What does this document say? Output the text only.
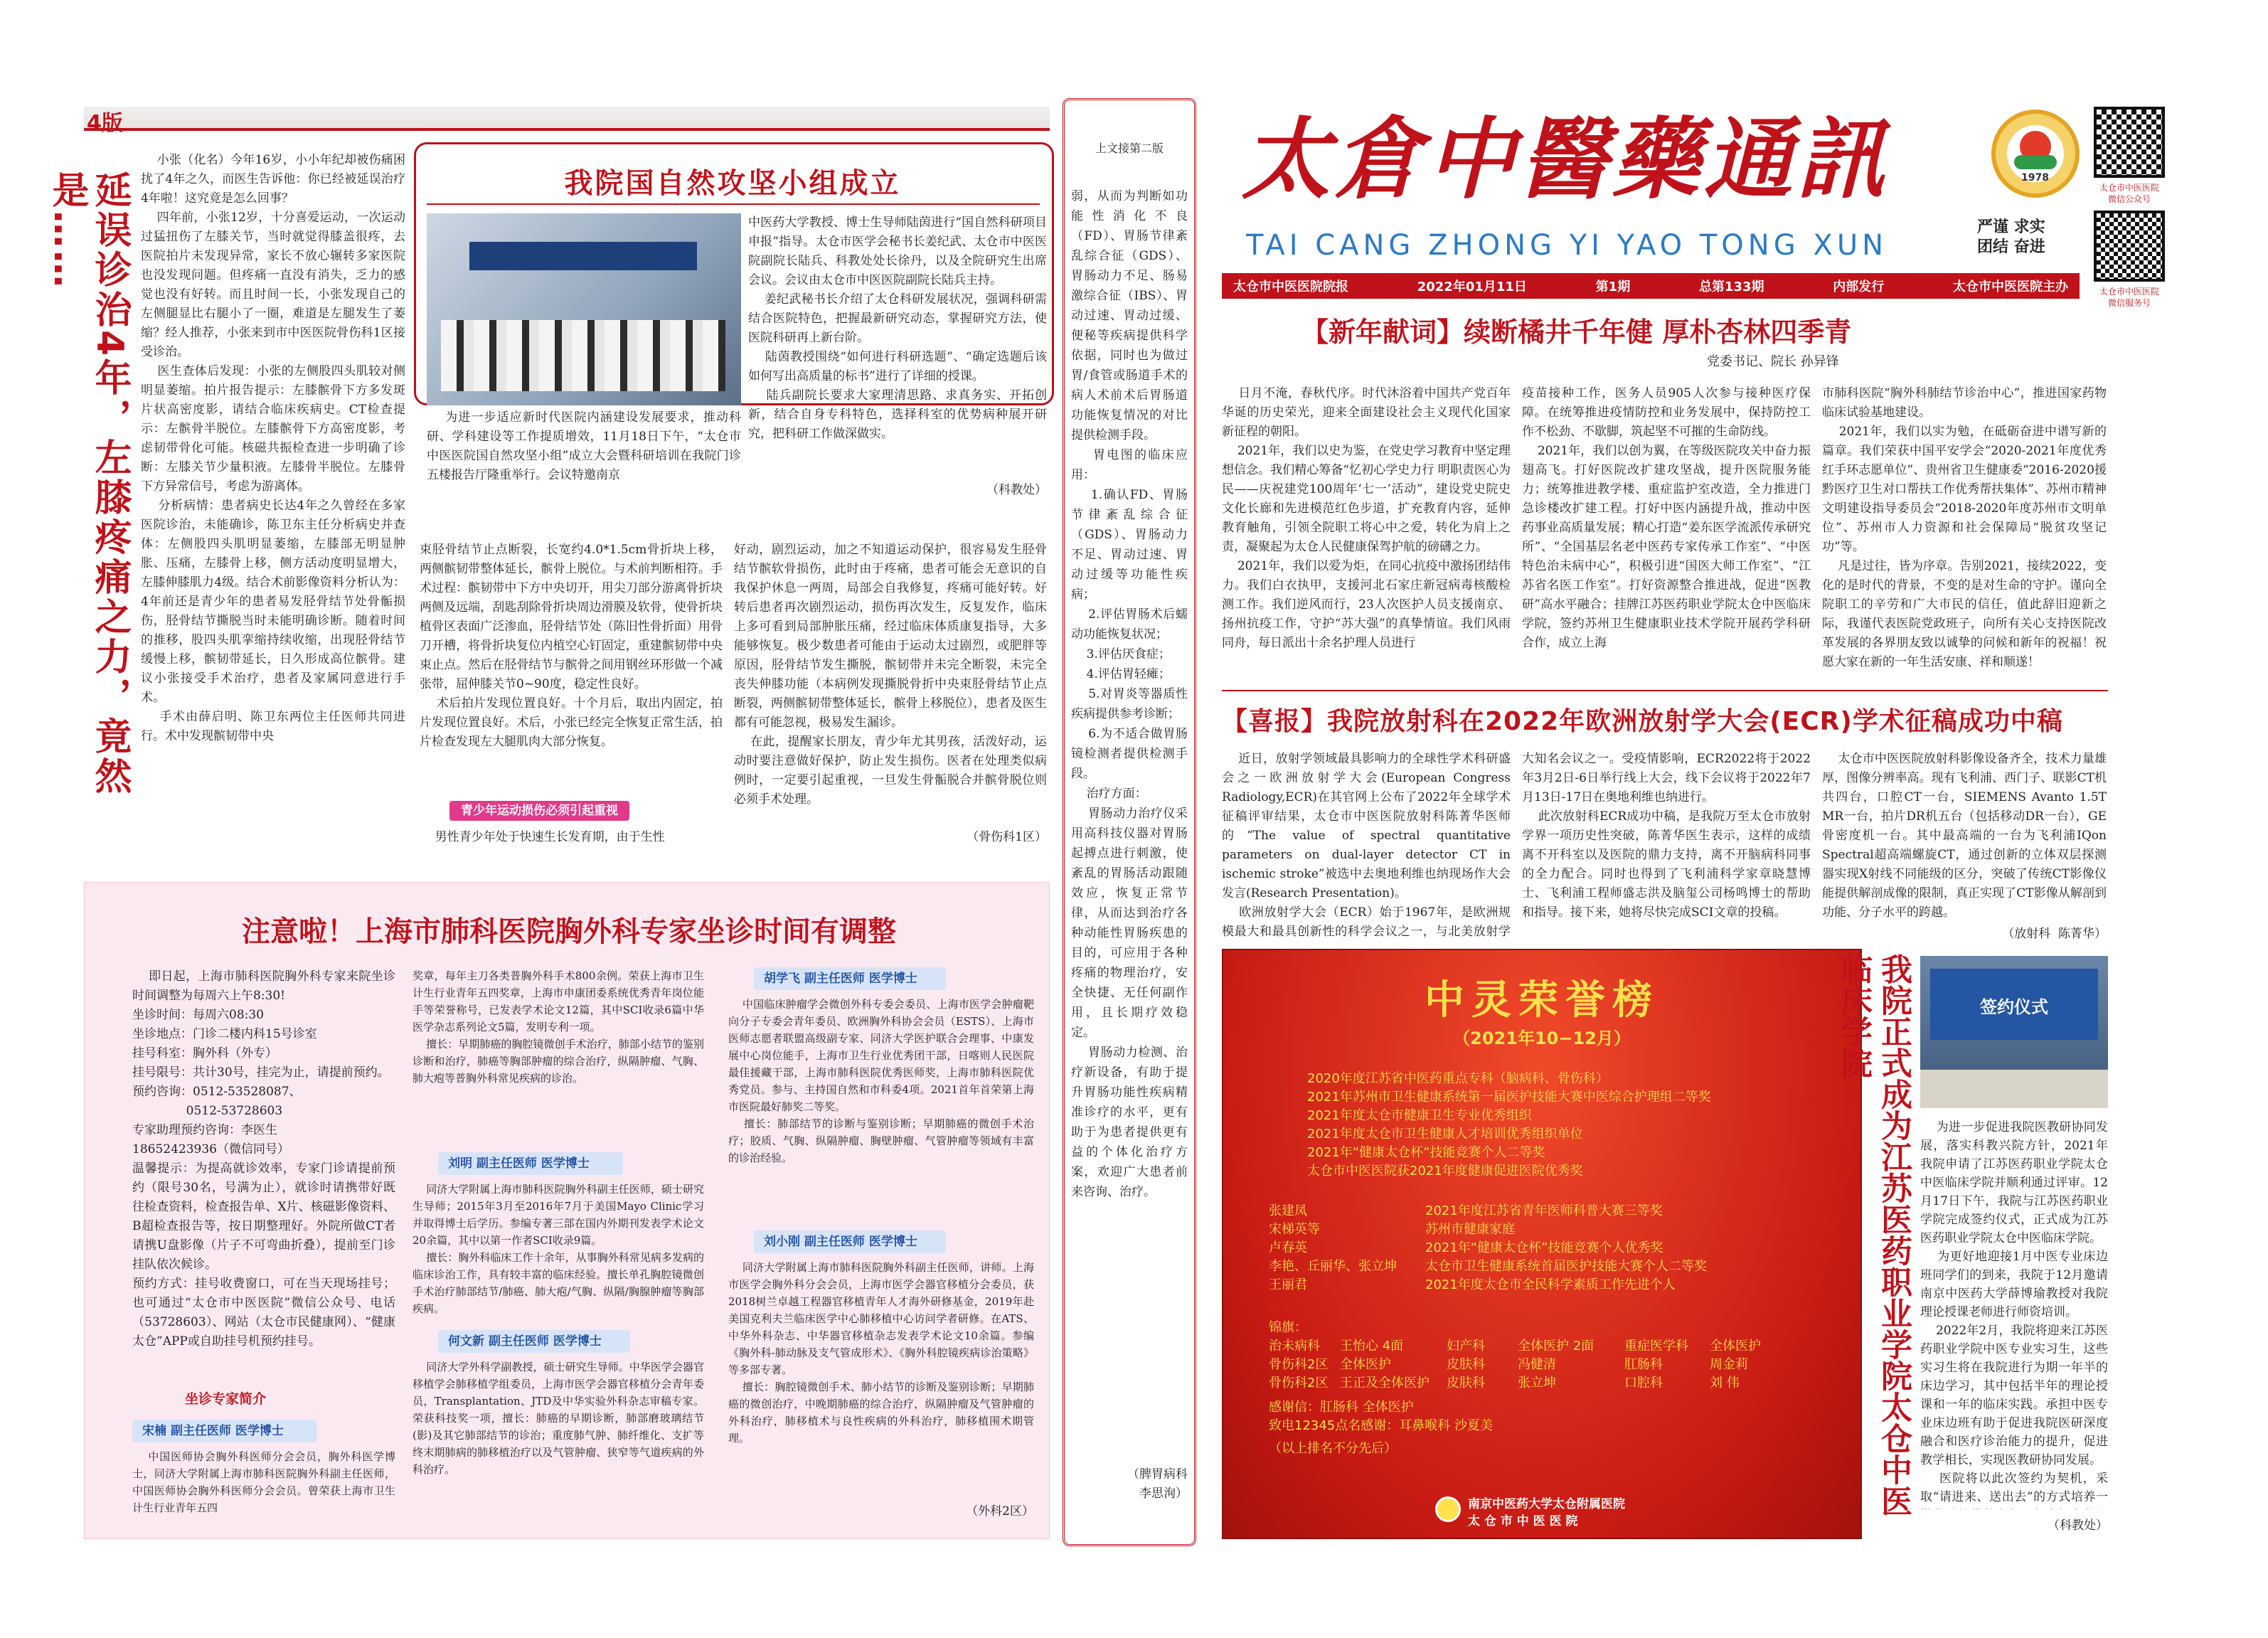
4版
延误诊治4年，左膝疼痛之力，竟然是……
小张（化名）今年16岁，小小年纪却被伤痛困扰了4年之久，而医生告诉他：你已经被延误治疗4年啦！这究竟是怎么回事？
四年前，小张12岁，十分喜爱运动，一次运动过猛扭伤了左膝关节，当时就觉得膝盖很疼，去医院拍片未发现异常，家长不放心辗转多家医院也没发现问题。但疼痛一直没有消失，乏力的感觉也没有好转。而且时间一长，小张发现自己的左侧腿显比右腿小了一圈，难道是左腿发生了萎缩？经人推荐，小张来到市中医医院骨伤科1区接受诊治。
医生查体后发现：小张的左侧股四头肌较对侧明显萎缩。拍片报告提示：左膝髌骨下方多发斑片状高密度影，请结合临床疾病史。CT检查提示：左髌骨半脱位。左膝髌骨下方高密度影，考虑韧带骨化可能。核磁共振检查进一步明确了诊断：左膝关节少量积液。左膝骨半脱位。左膝骨下方异常信号，考虑为游离体。
分析病情：患者病史长达4年之久曾经在多家医院诊治，未能确诊，陈卫东主任分析病史并查体：左侧股四头肌明显萎缩，左膝部无明显肿胀、压痛，左膝骨上移，侧方活动度明显增大，左膝伸膝肌力4级。结合术前影像资料分析认为：4年前还是青少年的患者易发胫骨结节处骨骺损伤，胫骨结节撕脱当时未能明确诊断。随着时间的推移，股四头肌挛缩持续收缩，出现胫骨结节缓慢上移，髌韧带延长，日久形成高位髌骨。建议小张接受手术治疗，患者及家属同意进行手术。
手术由薛启明、陈卫东两位主任医师共同进行。术中发现髌韧带中央
我院国自然攻坚小组成立
为进一步适应新时代医院内涵建设发展要求，推动科研、学科建设等工作提质增效，11月18日下午，“太仓市中医医院国自然攻坚小组”成立大会暨科研培训在我院门诊五楼报告厅隆重举行。会议特邀南京
中医药大学教授、博士生导师陆茵进行“国自然科研项目申报”指导。太仓市医学会秘书长姜纪武、太仓市中医医院副院长陆兵、科教处处长徐丹，以及全院研究生出席会议。会议由太仓市中医医院副院长陆兵主持。
姜纪武秘书长介绍了太仓科研发展状况，强调科研需结合医院特色，把握最新研究动态，掌握研究方法，使医院科研再上新台阶。
陆茵教授围绕“如何进行科研选题”、“确定选题后该如何写出高质量的标书”进行了详细的授课。
陆兵副院长要求大家理清思路、求真务实、开拓创新，结合自身专科特色，选择科室的优势病种展开研究，把科研工作做深做实。
（科教处）
束胫骨结节止点断裂，长宽约4.0*1.5cm骨折块上移，两侧髌韧带整体延长，髌骨上脱位。与术前判断相符。手术过程：髌韧带中下方中央切开，用尖刀部分游离骨折块两侧及远端，刮匙刮除骨折块周边滑膜及软骨，使骨折块植骨区表面广泛渗血，胫骨结节处（陈旧性骨折面）用骨刀开槽，将骨折块复位内植空心钉固定，重建髌韧带中央束止点。然后在胫骨结节与髌骨之间用钢丝环形做一个减张带，屈伸膝关节0~90度，稳定性良好。
术后拍片发现位置良好。十个月后，取出内固定，拍片发现位置良好。术后，小张已经完全恢复正常生活，拍片检查发现左大腿肌肉大部分恢复。
青少年运动损伤必须引起重视
男性青少年处于快速生长发育期，由于生性
好动，剧烈运动，加之不知道运动保护，很容易发生胫骨结节髌软骨损伤，此时由于疼痛，患者可能会无意识的自我保护休息一两周，局部会自我修复，疼痛可能好转。好转后患者再次剧烈运动，损伤再次发生，反复发作，临床上多可看到局部肿胀压痛，经过临床体质康复指导，大多能够恢复。极少数患者可能由于运动太过剧烈，或肥胖等原因，胫骨结节发生撕脱，髌韧带并未完全断裂，未完全丧失伸膝功能（本病例发现撕脱骨折中央束胫骨结节止点断裂，两侧髌韧带整体延长，髌骨上移脱位），患者及医生都有可能忽视，极易发生漏诊。
在此，提醒家长朋友，青少年尤其男孩，活泼好动，运动时要注意做好保护，防止发生损伤。医者在处理类似病例时，一定要引起重视，一旦发生骨骺脱合并髌骨脱位则必须手术处理。
（骨伤科1区）
注意啦！上海市肺科医院胸外科专家坐诊时间有调整
即日起，上海市肺科医院胸外科专家来院坐诊时间调整为每周六上午8:30!
坐诊时间：每周六08:30
坐诊地点：门诊二楼内科15号诊室
挂号科室：胸外科（外专）
挂号限号：共计30号，挂完为止，请提前预约。
预约咨询：0512-53528087、
0512-53728603
专家助理预约咨询：李医生
18652423936（微信同号）
温馨提示：为提高就诊效率，专家门诊请提前预约（限号30名，号满为止），就诊时请携带好既往检查资料，检查报告单、X片、核磁影像资料、B超检查报告等，按日期整理好。外院所做CT者请携U盘影像（片子不可弯曲折叠），提前至门诊挂队依次候诊。
预约方式：挂号收费窗口，可在当天现场挂号；也可通过“太仓市中医医院”微信公众号、电话（53728603）、网站（太仓市民健康网）、“健康太仓”APP或自助挂号机预约挂号。
坐诊专家简介
宋楠 副主任医师 医学博士
中国医师协会胸外科医师分会会员，胸外科医学博士，同济大学附属上海市肺科医院胸外科副主任医师，中国医师协会胸外科医师分会会员。曾荣获上海市卫生计生行业青年五四
奖章，每年主刀各类普胸外科手术800余例。荣获上海市卫生计生行业青年五四奖章，上海市申康团委系统优秀青年岗位能手等荣誉称号，已发表学术论文12篇，其中SCI收录6篇中华医学杂志系列论文5篇，发明专利一项。
擅长：早期肺癌的胸腔镜微创手术治疗，肺部小结节的鉴别诊断和治疗，肺癌等胸部肿瘤的综合治疗，纵隔肿瘤、气胸、肺大疱等普胸外科常见疾病的诊治。
刘明 副主任医师 医学博士
同济大学附属上海市肺科医院胸外科副主任医师，硕士研究生导师；2015年3月至2016年7月于美国Mayo Clinic学习并取得博士后学历。参编专著三部在国内外期刊发表学术论文20余篇，其中以第一作者SCI收录9篇。
擅长：胸外科临床工作十余年，从事胸外科常见病多发病的临床诊治工作，具有较丰富的临床经验。擅长单孔胸腔镜微创手术治疗肺部结节/肺癌、肺大疱/气胸、纵隔/胸腺肿瘤等胸部疾病。
何文新 副主任医师 医学博士
同济大学外科学副教授，硕士研究生导师。中华医学会器官移植学会肺移植学组委员，上海市医学会器官移植分会青年委员，Transplantation、JTD及中华实验外科杂志审稿专家。荣获科技奖一项，擅长：肺癌的早期诊断，肺部磨玻璃结节(影)及其它肺部结节的诊治；重度肺气肿、肺纤维化、支扩等终末期肺病的肺移植治疗以及气管肿瘤、狭窄等气道疾病的外科治疗。
胡学飞 副主任医师 医学博士
中国临床肿瘤学会微创外科专委会委员、上海市医学会肿瘤靶向分子专委会青年委员、欧洲胸外科协会会员（ESTS）、上海市医师志愿者联盟高级副专家、同济大学医护联合会理事、中康发展中心岗位能手，上海市卫生行业优秀团干部，日喀则人民医院最佳援藏干部，上海市肺科医院优秀医师奖，上海市肺科医院优秀党员。参与、主持国自然和市科委4项。2021首年首荣第上海市医院最好肺奖二等奖。
擅长：肺部结节的诊断与鉴别诊断；早期肺癌的微创手术治疗；胶质、气胸、纵隔肿瘤、胸壁肿瘤、气管肿瘤等领域有丰富的诊治经验。
刘小刚 副主任医师 医学博士
同济大学附属上海市肺科医院胸外科副主任医师，讲师。上海市医学会胸外科分会会员，上海市医学会器官移植分会委员，获2018树兰卓越工程器官移植青年人才海外研修基金，2019年赴美国克利夫兰临床医学中心肺移植中心访问学者研修。在ATS、中华外科杂志、中华器官移植杂志发表学术论文10余篇。参编《胸外科-肺动脉及支气管成形术》、《胸外科腔镜疾病诊治策略》等多部专著。
擅长：胸腔镜微创手术、肺小结节的诊断及鉴别诊断；早期肺癌的微创治疗，中晚期肺癌的综合治疗，纵隔肿瘤及气管肿瘤的外科治疗，肺移植术与良性疾病的外科治疗，肺移植围术期管理。
（外科2区）
上文接第二版
弱，从而为判断如功能性消化不良（FD）、胃肠节律紊乱综合征（GDS）、胃肠动力不足、肠易激综合征（IBS）、胃动过速、胃动过缓、便秘等疾病提供科学依据，同时也为做过胃/食管或肠道手术的病人术前术后胃肠道功能恢复情况的对比提供检测手段。
胃电图的临床应用：
1.确认FD、胃肠节律紊乱综合征（GDS）、胃肠动力不足、胃动过速、胃动过缓等功能性疾病；
2.评估胃肠术后蠕动功能恢复状况；
3.评估厌食症；
4.评估胃轻瘫；
5.对胃炎等器质性疾病提供参考诊断；
6.为不适合做胃肠镜检测者提供检测手段。
治疗方面：
胃肠动力治疗仪采用高科技仪器对胃肠起搏点进行刺激，使紊乱的胃肠活动跟随效应，恢复正常节律，从而达到治疗各种动能性胃肠疾患的目的，可应用于各种疼痛的物理治疗，安全快捷、无任何副作用，且长期疗效稳定。
胃肠动力检测、治疗新设备，有助于提升胃肠功能性疾病精准诊疗的水平，更有助于为患者提供更有益的个体化治疗方案，欢迎广大患者前来咨询、治疗。
（脾胃病科
李思洵）
太倉中醫藥通訊
TAI CANG ZHONG YI YAO TONG XUN
1978
严谨 求实
团结 奋进
太仓市中医医院
微信公众号
太仓市中医医院
微信服务号
太仓市中医医院院报	2022年01月11日	第1期	总第133期	内部发行	太仓市中医医院主办
【新年献词】续断橘井千年健 厚朴杏林四季青
党委书记、院长 孙异锋
日月不淹，春秋代序。时代沐浴着中国共产党百年华诞的历史荣光，迎来全面建设社会主义现代化国家新征程的朝阳。
2021年，我们以史为鉴，在党史学习教育中坚定理想信念。我们精心筹备“忆初心学史力行 明职责医心为民——庆祝建党100周年‘七一’活动”，建设党史院史文化长廊和先进模范红色步道，扩充教育内容，延伸教育触角，引领全院职工将心中之爱，转化为肩上之责，凝聚起为太仓人民健康保驾护航的磅礴之力。
2021年，我们以爱为炬，在同心抗疫中激扬团结伟力。我们白衣执甲，支援河北石家庄新冠病毒核酸检测工作。我们逆风而行，23人次医护人员支援南京、扬州抗疫工作，守护“苏大强”的真挚情谊。我们风雨同舟，每日派出十余名护理人员进行
疫苗接种工作，医务人员905人次参与接种医疗保障。在统筹推进疫情防控和业务发展中，保持防控工作不松劲、不歇脚，筑起坚不可摧的生命防线。
2021年，我们以创为翼，在等级医院攻关中奋力振翅高飞。打好医院改扩建攻坚战，提升医院服务能力；统筹推进教学楼、重症监护室改造，全力推进门急诊楼改扩建工程。打好中医内涵提升战，推动中医药事业高质量发展；精心打造“姜东医学流派传承研究所”、“全国基层名老中医药专家传承工作室”、“中医特色治未病中心”，积极引进“国医大师工作室”、“江苏省名医工作室”。打好资源整合推进战，促进“医教研”高水平融合；挂牌江苏医药职业学院太仓中医临床学院，签约苏州卫生健康职业技术学院开展药学科研合作，成立上海
市肺科医院“胸外科肺结节诊治中心”，推进国家药物临床试验基地建设。
2021年，我们以实为勉，在砥砺奋进中谱写新的篇章。我们荣获中国平安学会“2020-2021年度优秀红手环志愿单位”、贵州省卫生健康委“2016-2020援黔医疗卫生对口帮扶工作优秀帮扶集体”、苏州市精神文明建设指导委员会“2018-2020年度苏州市文明单位”、苏州市人力资源和社会保障局“脱贫攻坚记功”等。
凡是过往，皆为序章。告别2021，接续2022，变化的是时代的背景，不变的是对生命的守护。谨向全院职工的辛劳和广大市民的信任，值此辞旧迎新之际，我谨代表医院党政班子，向所有关心支持医院改革发展的各界朋友致以诚挚的问候和新年的祝福！祝愿大家在新的一年生活安康、祥和顺遂！
【喜报】我院放射科在2022年欧洲放射学大会(ECR)学术征稿成功中稿
近日，放射学领域最具影响力的全球性学术科研盛会之一欧洲放射学大会(European Congress Radiology,ECR)在其官网上公布了2022年全球学术征稿评审结果，太仓市中医医院放射科陈菁华医师的“The value of spectral quantitative parameters on dual-layer detector CT in ischemic stroke”被选中去奥地利维也纳现场作大会发言(Research Presentation)。
欧洲放射学大会（ECR）始于1967年，是欧洲规模最大和最具创新性的科学会议之一，与北美放射学
大知名会议之一。受疫情影响，ECR2022将于2022年3月2日-6日举行线上大会，线下会议将于2022年7月13日-17日在奥地利维也纳进行。
此次放射科ECR成功中稿，是我院万至太仓市放射学界一项历史性突破，陈菁华医生表示，这样的成绩离不开科室以及医院的鼎力支持，离不开脑病科同事的全力配合。同时也得到了飞利浦科学家章晓慧博士、飞利浦工程师盛志洪及脑玺公司杨鸣博士的帮助和指导。接下来，她将尽快完成SCI文章的投稿。
太仓市中医医院放射科影像设备齐全，技术力量雄厚，图像分辨率高。现有飞利浦、西门子、联影CT机共四台，口腔CT一台，SIEMENS Avanto 1.5T MR一台，拍片DR机五台（包括移动DR一台），GE骨密度机一台。其中最高端的一台为飞利浦IQon Spectral超高端螺旋CT，通过创新的立体双层探测器实现X射线不同能级的区分，突破了传统CT影像仪能提供解剖成像的限制，真正实现了CT影像从解剖到功能、分子水平的跨越。
（放射科  陈菁华）
中灵荣誉榜
（2021年10−12月）
2020年度江苏省中医药重点专科（脑病科、骨伤科）
2021年苏州市卫生健康系统第一届医护技能大赛中医综合护理组二等奖
2021年度太仓市健康卫生专业优秀组织
2021年度太仓市卫生健康人才培训优秀组织单位
2021年“健康太仓杯”技能竞赛个人二等奖
太仓市中医医院获2021年度健康促进医院优秀奖
张建凤	2021年度江苏省青年医师科普大赛三等奖
宋梯英等	苏州市健康家庭
卢春英	2021年“健康太仓杯”技能竞赛个人优秀奖
李艳、丘丽华、张立坤	太仓市卫生健康系统首届医护技能大赛个人二等奖
王丽君	2021年度太仓市全民科学素质工作先进个人
锦旗：
治未病科	王怡心 4面	妇产科	全体医护 2面	重症医学科	全体医护
骨伤科2区 全体医护	皮肤科	冯健清	肛肠科	周金莉
骨伤科2区 王正及全体医护	皮肤科	张立坤	口腔科	刘 伟
感谢信：肛肠科 全体医护
致电12345点名感谢：耳鼻喉科 沙夏美
（以上排名不分先后）
南京中医药大学太仓附属医院
太 仓 市 中 医 医 院
我院正式成为江苏医药职业学院太仓中医临床学院	签约仪式
为进一步促进我院医教研协同发展，落实科教兴院方针，2021年我院申请了江苏医药职业学院太仓中医临床学院并顺利通过评审。12月17日下午，我院与江苏医药职业学院完成签约仪式，正式成为江苏医药职业学院太仓中医临床学院。
为更好地迎接1月中医专业床边班同学们的到来，我院于12月邀请南京中医药大学薛博瑜教授对我院理论授课老师进行师资培训。
2022年2月，我院将迎来江苏医药职业学院中医专业实习生，这些实习生将在我院进行为期一年半的床边学习，其中包括半年的理论授课和一年的临床实践。承担中医专业床边班有助于促进我院医研深度融合和医疗诊治能力的提升，促进教学相长，实现医教研协同发展。
医院将以此次签约为契机，采取“请进来、送出去”的方式培养一
（科教处）
